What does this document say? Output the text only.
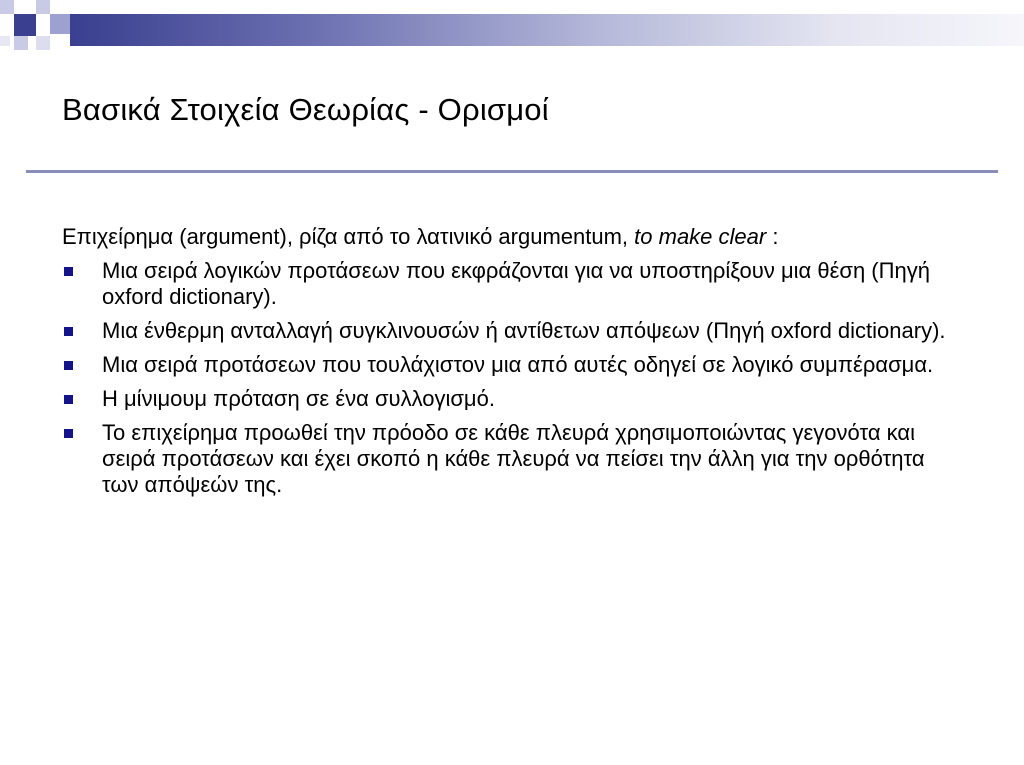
Βασικά Στοιχεία Θεωρίας - Ορισμοί

Επιχείρημα (argument), ρίζα από το λατινικό argumentum, to make clear :

Μια σειρά λογικών προτάσεων που εκφράζονται για να υποστηρίξουν μια θέση (Πηγή oxford dictionary).
Μια ένθερμη ανταλλαγή συγκλινουσών ή αντίθετων απόψεων (Πηγή oxford dictionary).
Μια σειρά προτάσεων που τουλάχιστον μια από αυτές οδηγεί σε λογικό συμπέρασμα.
Η μίνιμουμ πρόταση σε ένα συλλογισμό.
Το επιχείρημα προωθεί την πρόοδο σε κάθε πλευρά χρησιμοποιώντας γεγονότα και σειρά προτάσεων και έχει σκοπό η κάθε πλευρά να πείσει την άλλη για την ορθότητα των απόψεών της.
